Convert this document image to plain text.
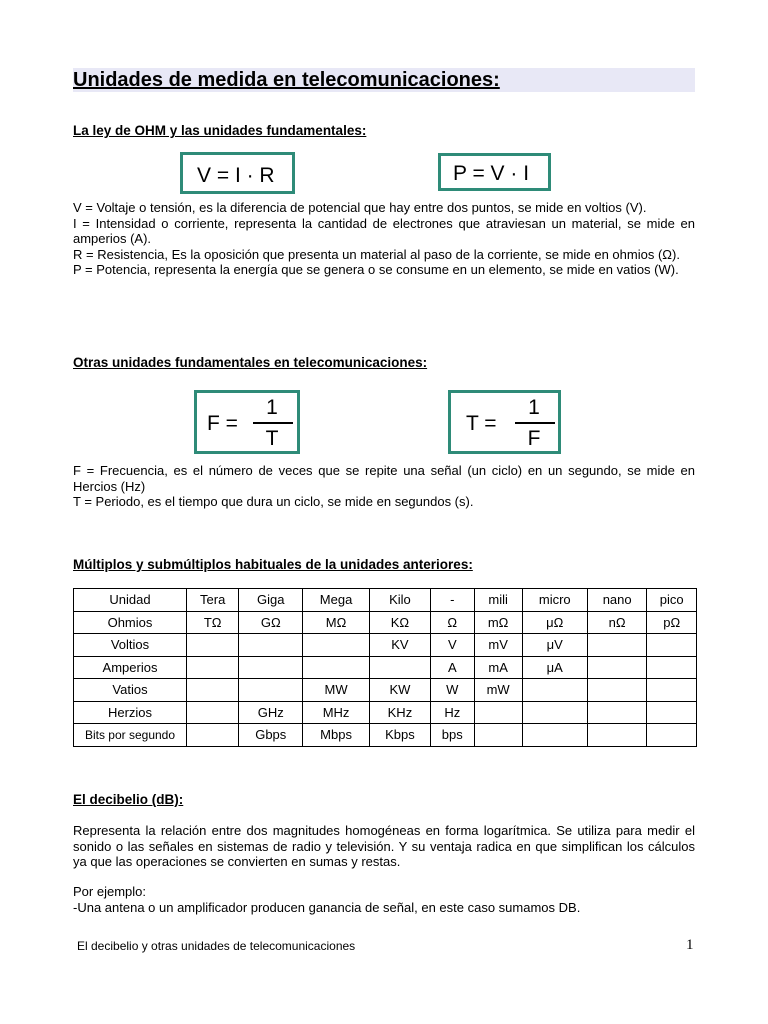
Unidades de medida en telecomunicaciones:
La ley de OHM y las unidades fundamentales:
V = I · R	P = V · I

V = Voltaje o tensión, es la diferencia de potencial que hay entre dos puntos, se mide en voltios (V).

I = Intensidad o corriente, representa la cantidad de electrones que atraviesan un material, se mide en amperios (A).

R = Resistencia, Es la oposición que presenta un material al paso de la corriente, se mide en ohmios (Ω).

P = Potencia, representa la energía que se genera o se consume en un elemento, se mide en vatios (W).

Otras unidades fundamentales en telecomunicaciones:
F =
1
T
T =
1
F

F = Frecuencia, es el número de veces que se repite una señal (un ciclo) en un segundo, se mide en Hercios (Hz)

T = Periodo, es el tiempo que dura un ciclo, se mide en segundos (s).

Múltiplos y submúltiplos habituales de la unidades anteriores:
Unidad	Tera	Giga	Mega	Kilo	-	mili	micro	nano	pico
Ohmios	TΩ	GΩ	MΩ	KΩ	Ω	mΩ	μΩ	nΩ	pΩ
Voltios				KV	V	mV	μV		
Amperios					A	mA	μA		
Vatios			MW	KW	W	mW			
Herzios		GHz	MHz	KHz	Hz				
Bits por segundo		Gbps	Mbps	Kbps	bps				
El decibelio (dB):
Representa la relación entre dos magnitudes homogéneas en forma logarítmica. Se utiliza para medir el sonido o las señales en sistemas de radio y televisión. Y su ventaja radica en que simplifican los cálculos ya que las operaciones se convierten en sumas y restas.

Por ejemplo:

-Una antena o un amplificador producen ganancia de señal, en este caso sumamos DB.

El decibelio y otras unidades de telecomunicaciones	1
